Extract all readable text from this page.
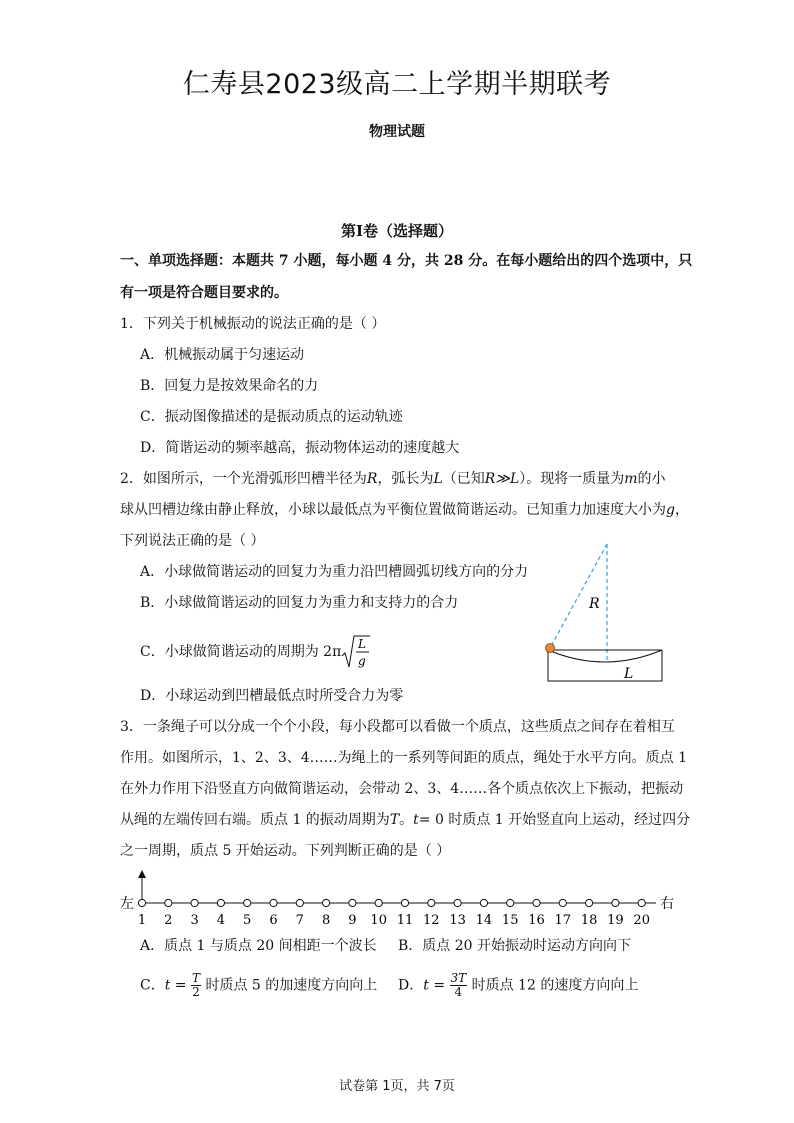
仁寿县2023级高二上学期半期联考
物理试题
第Ⅰ卷（选择题）
一、单项选择题：本题共 7 小题，每小题 4 分，共 28 分。在每小题给出的四个选项中，只
有一项是符合题目要求的。
1．下列关于机械振动的说法正确的是（ ）
A．机械振动属于匀速运动
B．回复力是按效果命名的力
C．振动图像描述的是振动质点的运动轨迹
D．简谐运动的频率越高，振动物体运动的速度越大
2．如图所示，一个光滑弧形凹槽半径为R，弧长为L（已知R≫L）。现将一质量为m的小
球从凹槽边缘由静止释放，小球以最低点为平衡位置做简谐运动。已知重力加速度大小为g，
下列说法正确的是（ ）
A．小球做简谐运动的回复力为重力沿凹槽圆弧切线方向的分力
B．小球做简谐运动的回复力为重力和支持力的合力
C．小球做简谐运动的周期为 2π L
g
D．小球运动到凹槽最低点时所受合力为零
R
L
3．一条绳子可以分成一个个小段，每小段都可以看做一个质点，这些质点之间存在着相互
作用。如图所示，1、2、3、4……为绳上的一系列等间距的质点，绳处于水平方向。质点 1
在外力作用下沿竖直方向做简谐运动，会带动 2、3、4……各个质点依次上下振动，把振动
从绳的左端传回右端。质点 1 的振动周期为T。t= 0 时质点 1 开始竖直向上运动，经过四分
之一周期，质点 5 开始运动。下列判断正确的是（ ）
左	右
1 2 3 4 5 6 7 8 9 10 11 12 13 14 15 16 17 18 19 20
A．质点 1 与质点 20 间相距一个波长 B．质点 20 开始振动时运动方向向下
C．$t = \frac{T}{2}$ 时质点 5 的加速度方向向上 D．$t = \frac{3T}{4}$ 时质点 12 的速度方向向上
试卷第 1页，共 7页
